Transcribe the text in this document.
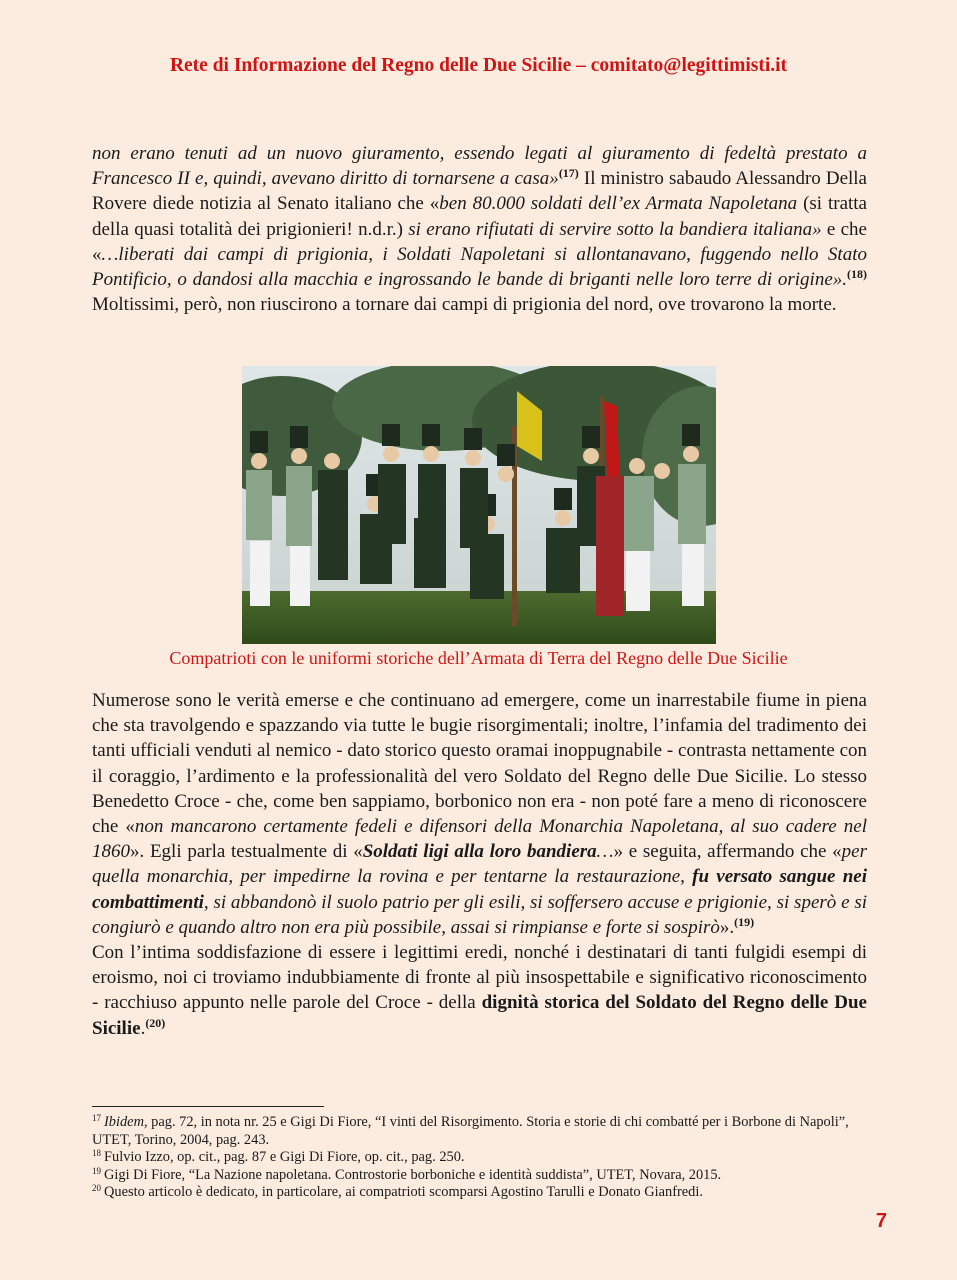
Rete di Informazione del Regno delle Due Sicilie – comitato@legittimisti.it

non erano tenuti ad un nuovo giuramento, essendo legati al giuramento di fedeltà prestato a Francesco II e, quindi, avevano diritto di tornarsene a casa»$^{(17)}$ Il ministro sabaudo Alessandro Della Rovere diede notizia al Senato italiano che «ben 80.000 soldati dell’ex Armata Napoletana (si tratta della quasi totalità dei prigionieri! n.d.r.) si erano rifiutati di servire sotto la bandiera italiana» e che «…liberati dai campi di prigionia, i Soldati Napoletani si allontanavano, fuggendo nello Stato Pontificio, o dandosi alla macchia e ingrossando le bande di briganti nelle loro terre di origine».$^{(18)}$ Moltissimi, però, non riuscirono a tornare dai campi di prigionia del nord, ove trovarono la morte.

Compatrioti con le uniformi storiche dell’Armata di Terra del Regno delle Due Sicilie

Numerose sono le verità emerse e che continuano ad emergere, come un inarrestabile fiume in piena che sta travolgendo e spazzando via tutte le bugie risorgimentali; inoltre, l’infamia del tradimento dei tanti ufficiali venduti al nemico - dato storico questo oramai inoppugnabile - contrasta nettamente con il coraggio, l’ardimento e la professionalità del vero Soldato del Regno delle Due Sicilie. Lo stesso Benedetto Croce - che, come ben sappiamo, borbonico non era - non poté fare a meno di riconoscere che «non mancarono certamente fedeli e difensori della Monarchia Napoletana, al suo cadere nel 1860». Egli parla testualmente di «Soldati ligi alla loro bandiera…» e seguita, affermando che «per quella monarchia, per impedirne la rovina e per tentarne la restaurazione, fu versato sangue nei combattimenti, si abbandonò il suolo patrio per gli esili, si soffersero accuse e prigionie, si sperò e si congiurò e quando altro non era più possibile, assai si rimpianse e forte si sospirò».$^{(19)}$
Con l’intima soddisfazione di essere i legittimi eredi, nonché i destinatari di tanti fulgidi esempi di eroismo, noi ci troviamo indubbiamente di fronte al più insospettabile e significativo riconoscimento - racchiuso appunto nelle parole del Croce - della dignità storica del Soldato del Regno delle Due Sicilie.$^{(20)}$

$^{17}$ Ibidem, pag. 72, in nota nr. 25 e Gigi Di Fiore, “I vinti del Risorgimento. Storia e storie di chi combatté per i Borbone di Napoli”, UTET, Torino, 2004, pag. 243.
$^{18}$ Fulvio Izzo, op. cit., pag. 87 e Gigi Di Fiore, op. cit., pag. 250.
$^{19}$ Gigi Di Fiore, “La Nazione napoletana. Controstorie borboniche e identità suddista”, UTET, Novara, 2015.
$^{20}$ Questo articolo è dedicato, in particolare, ai compatrioti scomparsi Agostino Tarulli e Donato Gianfredi.
7
